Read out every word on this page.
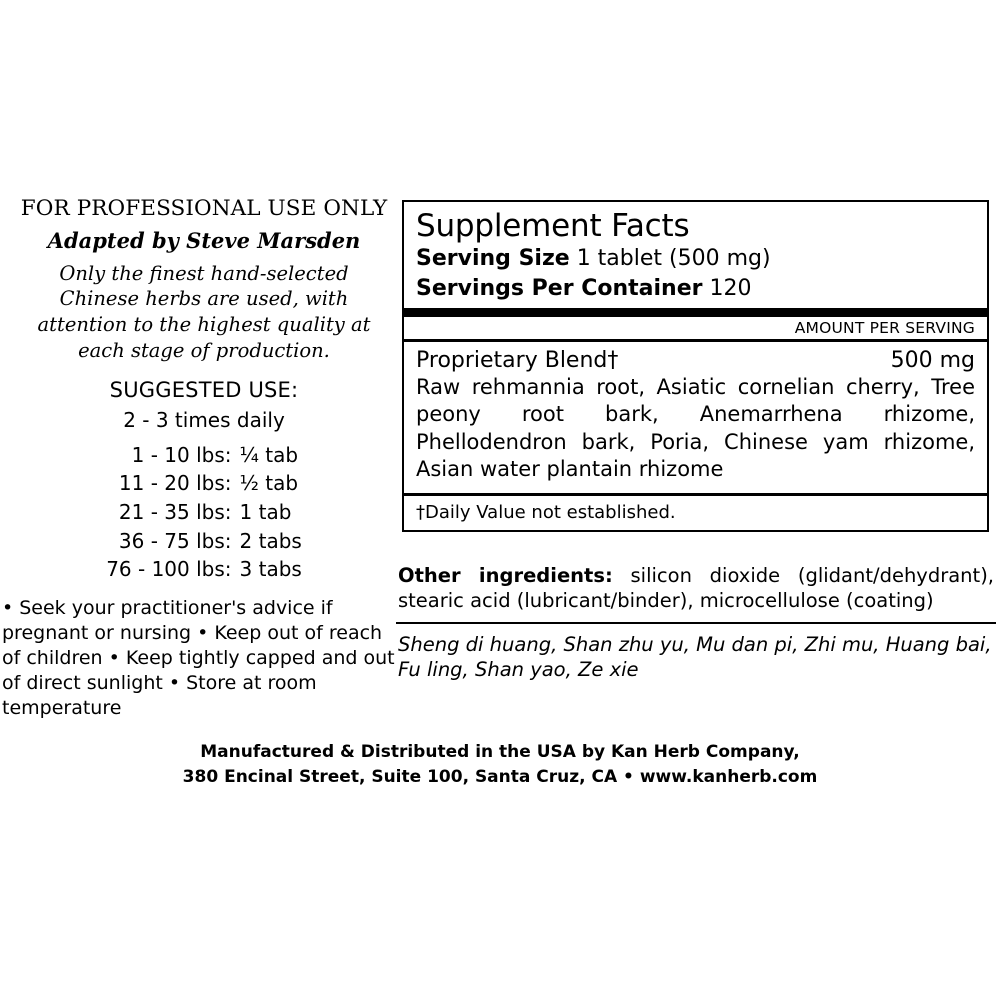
FOR PROFESSIONAL USE ONLY
Adapted by Steve Marsden
Only the finest hand-selected Chinese herbs are used, with attention to the highest quality at each stage of production.
SUGGESTED USE:
2 - 3 times daily
1 - 10 lbs:	¼ tab
11 - 20 lbs:	½ tab
21 - 35 lbs:	1 tab
36 - 75 lbs:	2 tabs
76 - 100 lbs:	3 tabs
• Seek your practitioner's advice if pregnant or nursing • Keep out of reach of children • Keep tightly capped and out of direct sunlight • Store at room temperature
Supplement Facts
Serving Size 1 tablet (500 mg)
Servings Per Container 120
AMOUNT PER SERVING
Proprietary Blend†	500 mg
Raw rehmannia root, Asiatic cornelian cherry, Tree peony root bark, Anemarrhena rhizome, Phellodendron bark, Poria, Chinese yam rhizome, Asian water plantain rhizome
†Daily Value not established.
Other ingredients: silicon dioxide (glidant/dehydrant), stearic acid (lubricant/binder), microcellulose (coating)
Sheng di huang, Shan zhu yu, Mu dan pi, Zhi mu, Huang bai, Fu ling, Shan yao, Ze xie
Manufactured & Distributed in the USA by Kan Herb Company,
380 Encinal Street, Suite 100, Santa Cruz, CA • www.kanherb.com
